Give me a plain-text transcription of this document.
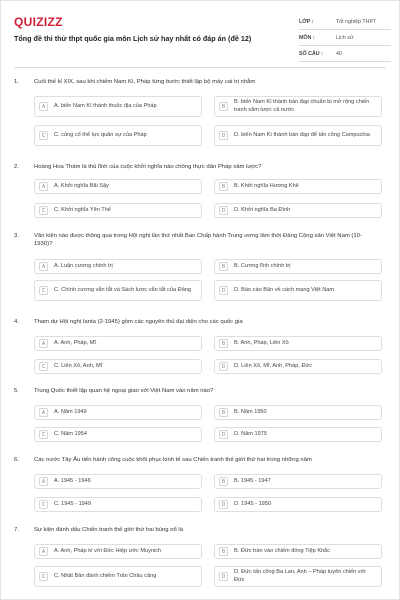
QUIZIZZ
Tổng đề thi thử thpt quốc gia môn Lịch sử hay nhất có đáp án (đề 12)
LỚP :	Tốt nghiệp THPT
MÔN :	Lịch sử
SỐ CÂU :	40
1.	Cuối thế kỉ XIX, sau khi chiếm Nam Kì, Pháp từng bước thiết lập bộ máy cai trị nhằm
A	A. biến Nam Kì thành thuộc địa của Pháp	B
B. biến Nam Kì thành bàn đạp chuẩn bị mở rộng chiến tranh xâm lược cả nước
C	C. củng cố thế lực quân sự của Pháp	D	D. biến Nam Kì thành bàn đạp để tấn công Campuchia
2.	Hoàng Hoa Thám là thủ lĩnh của cuộc khởi nghĩa nào chống thực dân Pháp xâm lược?
A	A. Khởi nghĩa Bãi Sậy	B	B. Khởi nghĩa Hương Khê
C	C. Khởi nghĩa Yên Thế	D	D. Khởi nghĩa Ba Đình
3.	Văn kiện nào được thông qua trong Hội nghị lần thứ nhất Ban Chấp hành Trung ương lâm thời Đảng Cộng sản Việt Nam (10-1930)?
A	A. Luận cương chính trị	B	B. Cương lĩnh chính trị
C	C. Chính cương vắn tắt và Sách lược vắn tắt của Đảng	D	D. Báo cáo Bản về cách mạng Việt Nam
4.	Tham dự Hội nghị Ianta (2-1945) gồm các nguyên thủ đại diện cho các quốc gia
A	A. Anh, Pháp, Mĩ	B	B. Anh, Pháp, Liên Xô
C	C. Liên Xô, Anh, Mĩ	D	D. Liên Xô, Mĩ, Anh, Pháp, Đức
5.	Trung Quốc thiết lập quan hệ ngoại giao với Việt Nam vào năm nào?
A	A. Năm 1949	B	B. Năm 1950
C	C. Năm 1954	D	D. Năm 1975
6.	Các nước Tây Âu tiến hành công cuộc khôi phục kinh tế sau Chiến tranh thế giới thứ hai trong những năm
A	A. 1945 - 1946	B	B. 1945 - 1947
C	C. 1945 - 1949	D	D. 1945 - 1950
7.	Sự kiện đánh dấu Chiến tranh thế giới thứ hai bùng nổ là
A	A. Anh, Pháp kí với Đức Hiệp ước Muynich	B	B. Đức tràn vào chiếm đóng Tiệp Khắc
C	C. Nhật Bản đánh chiếm Trân Châu cảng	D
D. Đức tấn công Ba Lan, Anh – Pháp tuyên chiến với Đức
